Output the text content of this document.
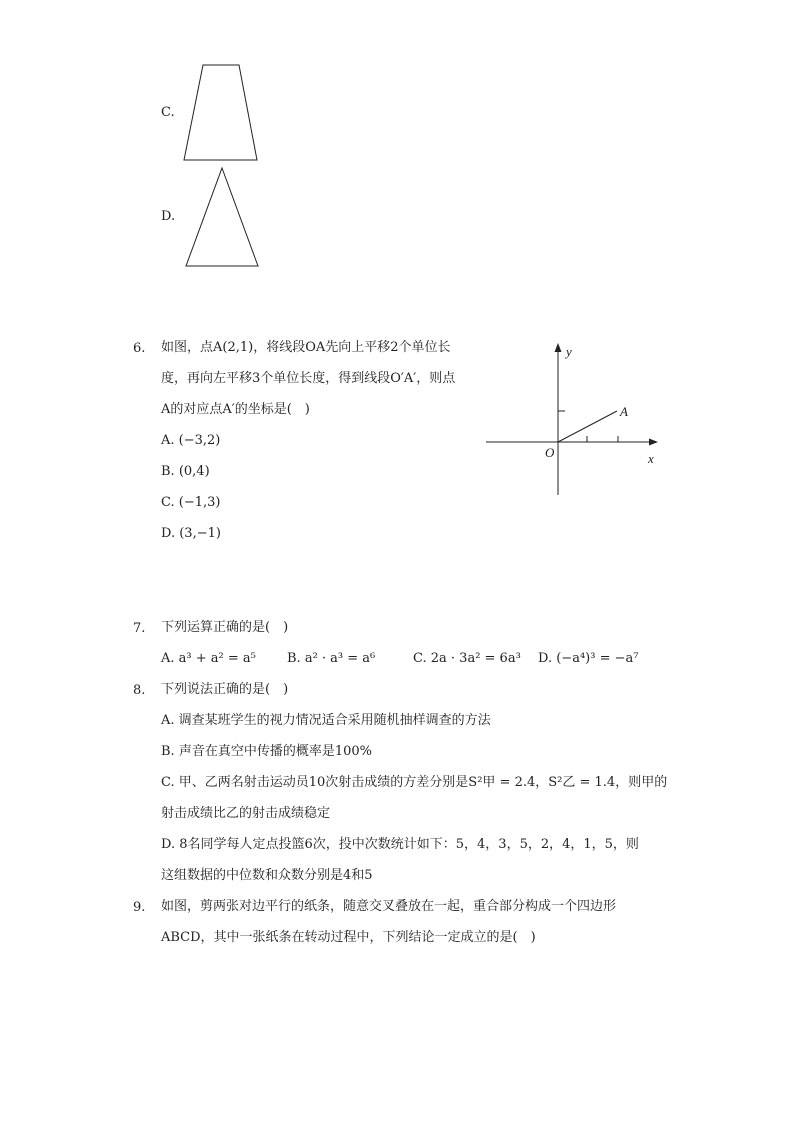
C.
D.
6. 如图，点A(2,1)，将线段OA先向上平移2个单位长
度，再向左平移3个单位长度，得到线段O′A′，则点
A的对应点A′的坐标是(　)
A. (−3,2)
B. (0,4)
C. (−1,3)
D. (3,−1)
y
x
O
A
7. 下列运算正确的是(　)
A. a³ + a² = a⁵ B. a² · a³ = a⁶	C. 2a · 3a² = 6a³ D. (−a⁴)³ = −a⁷
8. 下列说法正确的是(　)
A. 调查某班学生的视力情况适合采用随机抽样调查的方法
B. 声音在真空中传播的概率是100%
C. 甲、乙两名射击运动员10次射击成绩的方差分别是S²甲 = 2.4，S²乙 = 1.4，则甲的
射击成绩比乙的射击成绩稳定
D. 8名同学每人定点投篮6次，投中次数统计如下：5，4，3，5，2，4，1，5，则
这组数据的中位数和众数分别是4和5
9. 如图，剪两张对边平行的纸条，随意交叉叠放在一起，重合部分构成一个四边形
ABCD，其中一张纸条在转动过程中，下列结论一定成立的是(　)
